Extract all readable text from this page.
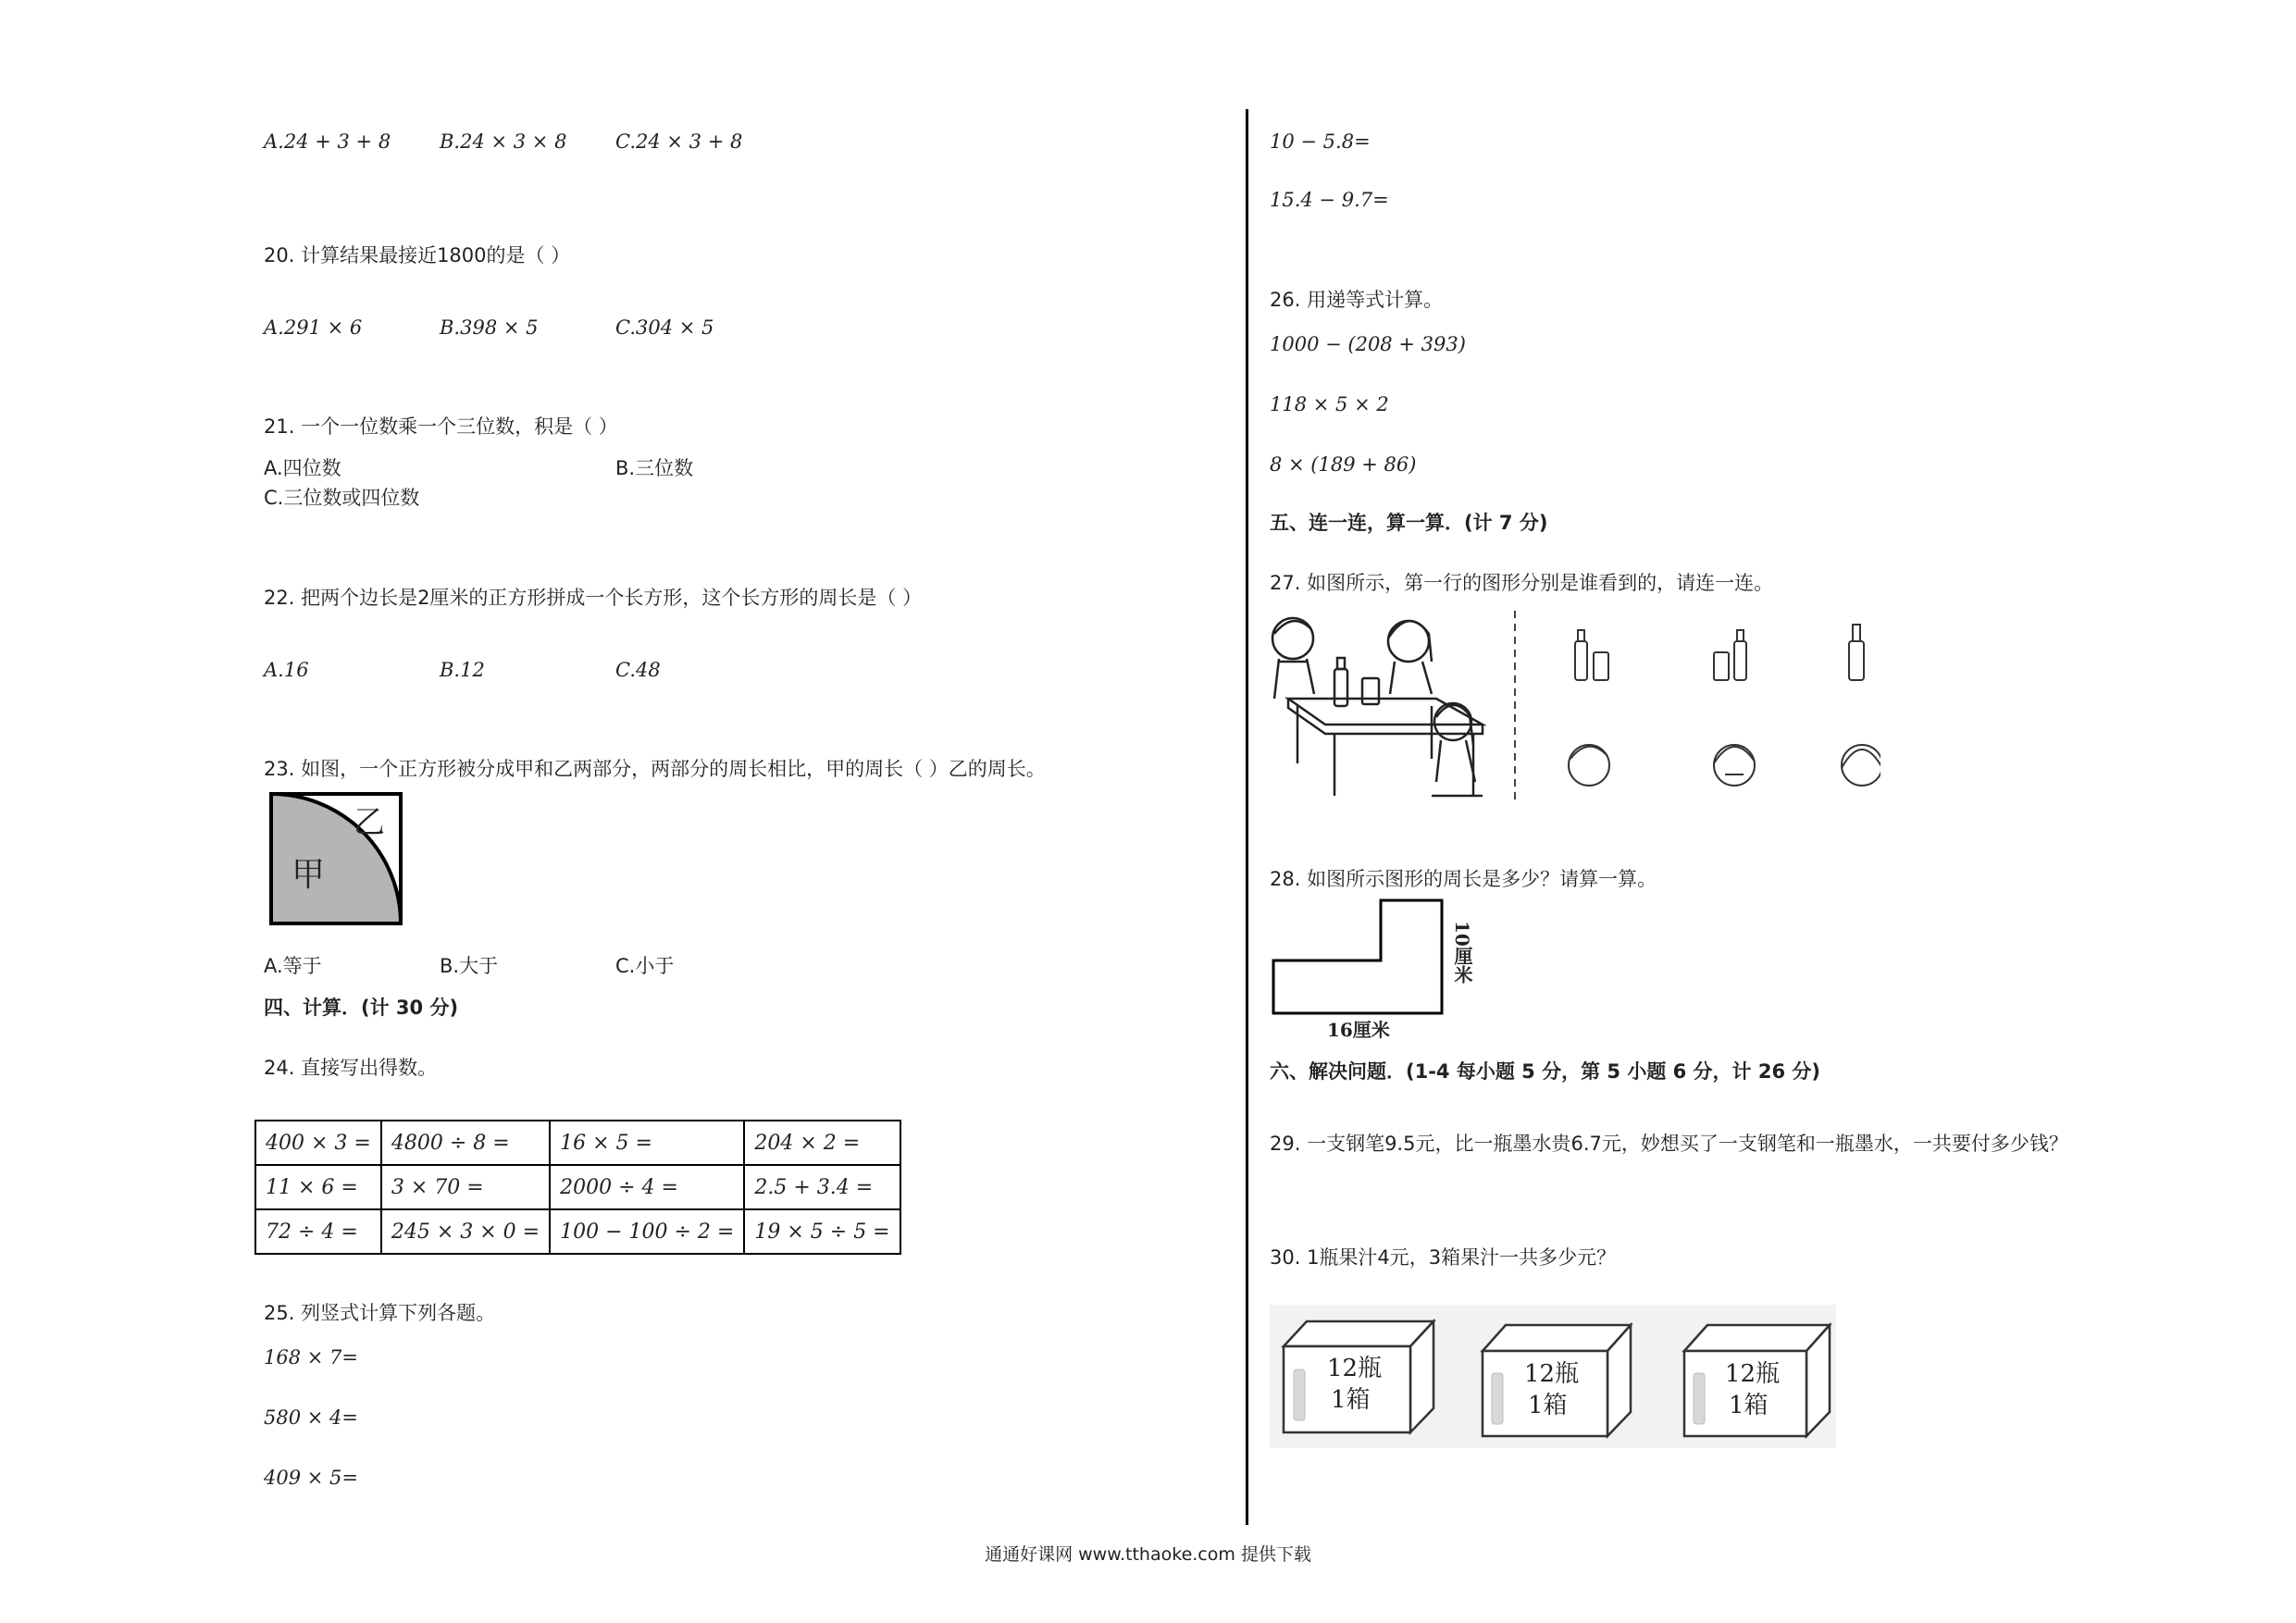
A.24 + 3 + 8	B.24 × 3 × 8	C.24 × 3 + 8
20. 计算结果最接近1800的是（ ）
A.291 × 6	B.398 × 5	C.304 × 5
21. 一个一位数乘一个三位数，积是（ ）
A.四位数	B.三位数
C.三位数或四位数
22. 把两个边长是2厘米的正方形拼成一个长方形，这个长方形的周长是（ ）
A.16	B.12	C.48
23. 如图，一个正方形被分成甲和乙两部分，两部分的周长相比，甲的周长（ ）乙的周长。
甲
乙
A.等于	B.大于	C.小于
四、计算．(计 30 分)
24. 直接写出得数。
400 × 3 =	4800 ÷ 8 =	16 × 5 =	204 × 2 =
11 × 6 =	3 × 70 =	2000 ÷ 4 =	2.5 + 3.4 =
72 ÷ 4 =	245 × 3 × 0 =	100 − 100 ÷ 2 =	19 × 5 ÷ 5 =
25. 列竖式计算下列各题。
168 × 7=
580 × 4=
409 × 5=
10 − 5.8=
15.4 − 9.7=
26. 用递等式计算。
1000 − (208 + 393)
118 × 5 × 2
8 × (189 + 86)
五、连一连，算一算．(计 7 分)
27. 如图所示，第一行的图形分别是谁看到的，请连一连。
28. 如图所示图形的周长是多少？请算一算。
16厘米
10厘米
六、解决问题．(1-4 每小题 5 分，第 5 小题 6 分，计 26 分)
29. 一支钢笔9.5元，比一瓶墨水贵6.7元，妙想买了一支钢笔和一瓶墨水，一共要付多少钱？
30. 1瓶果汁4元，3箱果汁一共多少元？
12瓶
1箱
12瓶
1箱
12瓶
1箱
通通好课网 www.tthaoke.com 提供下载
